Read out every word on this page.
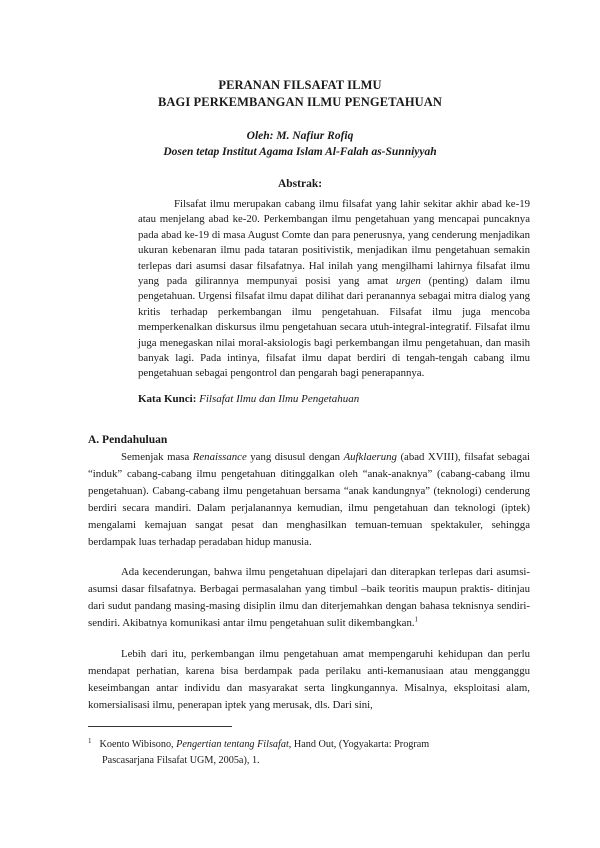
PERANAN FILSAFAT ILMU
BAGI PERKEMBANGAN ILMU PENGETAHUAN
Oleh: M. Nafiur Rofiq
Dosen tetap Institut Agama Islam Al-Falah as-Sunniyyah
Abstrak:

Filsafat ilmu merupakan cabang ilmu filsafat yang lahir sekitar akhir abad ke-19 atau menjelang abad ke-20. Perkembangan ilmu pengetahuan yang mencapai puncaknya pada abad ke-19 di masa August Comte dan para penerusnya, yang cenderung menjadikan ukuran kebenaran ilmu pada tataran positivistik, menjadikan ilmu pengetahuan semakin terlepas dari asumsi dasar filsafatnya. Hal inilah yang mengilhami lahirnya filsafat ilmu yang pada gilirannya mempunyai posisi yang amat urgen (penting) dalam ilmu pengetahuan. Urgensi filsafat ilmu dapat dilihat dari peranannya sebagai mitra dialog yang kritis terhadap perkembangan ilmu pengetahuan. Filsafat ilmu juga mencoba memperkenalkan diskursus ilmu pengetahuan secara utuh-integral-integratif. Filsafat ilmu juga menegaskan nilai moral-aksiologis bagi perkembangan ilmu pengetahuan, dan masih banyak lagi. Pada intinya, filsafat ilmu dapat berdiri di tengah-tengah cabang ilmu pengetahuan sebagai pengontrol dan pengarah bagi penerapannya.

Kata Kunci: Filsafat Ilmu dan Ilmu Pengetahuan
A. Pendahuluan

Semenjak masa Renaissance yang disusul dengan Aufklaerung (abad XVIII), filsafat sebagai “induk” cabang-cabang ilmu pengetahuan ditinggalkan oleh “anak-anaknya” (cabang-cabang ilmu pengetahuan). Cabang-cabang ilmu pengetahuan bersama “anak kandungnya” (teknologi) cenderung berdiri secara mandiri. Dalam perjalanannya kemudian, ilmu pengetahuan dan teknologi (iptek) mengalami kemajuan sangat pesat dan menghasilkan temuan-temuan spektakuler, sehingga berdampak luas terhadap peradaban hidup manusia.

Ada kecenderungan, bahwa ilmu pengetahuan dipelajari dan diterapkan terlepas dari asumsi-asumsi dasar filsafatnya. Berbagai permasalahan yang timbul –baik teoritis maupun praktis- ditinjau dari sudut pandang masing-masing disiplin ilmu dan diterjemahkan dengan bahasa teknisnya sendiri-sendiri. Akibatnya komunikasi antar ilmu pengetahuan sulit dikembangkan.$^1$

Lebih dari itu, perkembangan ilmu pengetahuan amat mempengaruhi kehidupan dan perlu mendapat perhatian, karena bisa berdampak pada perilaku anti-kemanusiaan atau mengganggu keseimbangan antar individu dan masyarakat serta lingkungannya. Misalnya, eksploitasi alam, komersialisasi ilmu, penerapan iptek yang merusak, dls. Dari sini,

$^1$ Koento Wibisono, Pengertian tentang Filsafat, Hand Out, (Yogyakarta: Program
Pascasarjana Filsafat UGM, 2005a), 1.
